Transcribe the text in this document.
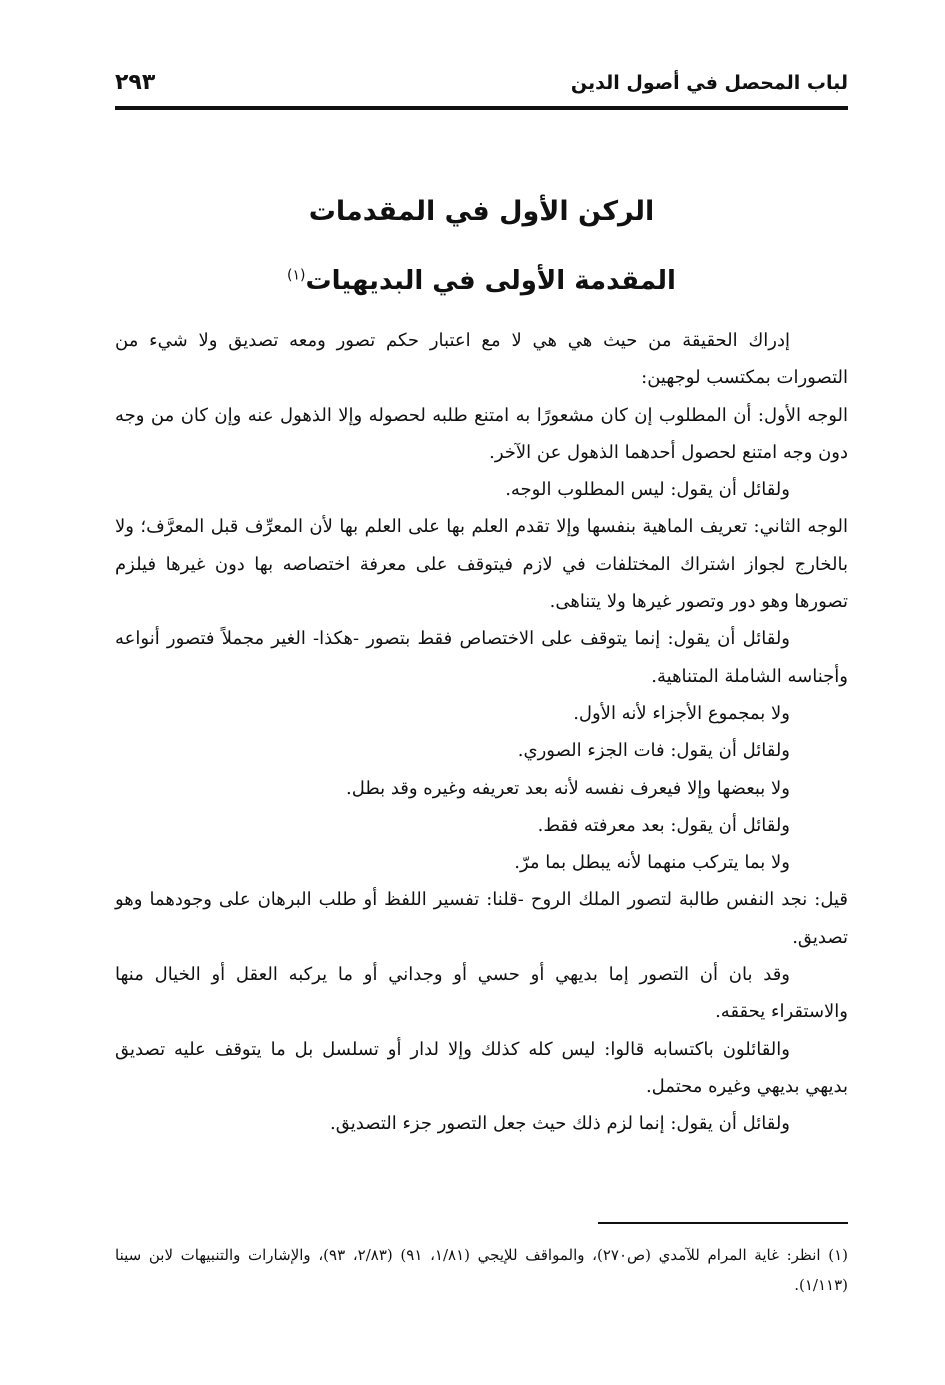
لباب المحصل في أصول الدين
٢٩٣
الركن الأول في المقدمات
المقدمة الأولى في البديهيات$^{(١)}$

إدراك الحقيقة من حيث هي هي لا مع اعتبار حكم تصور ومعه تصديق ولا شيء من التصورات بمكتسب لوجهين:

الوجه الأول: أن المطلوب إن كان مشعورًا به امتنع طلبه لحصوله وإلا الذهول عنه وإن كان من وجه دون وجه امتنع لحصول أحدهما الذهول عن الآخر.

ولقائل أن يقول: ليس المطلوب الوجه.

الوجه الثاني: تعريف الماهية بنفسها وإلا تقدم العلم بها على العلم بها لأن المعرِّف قبل المعرَّف؛ ولا بالخارج لجواز اشتراك المختلفات في لازم فيتوقف على معرفة اختصاصه بها دون غيرها فيلزم تصورها وهو دور وتصور غيرها ولا يتناهى.

ولقائل أن يقول: إنما يتوقف على الاختصاص فقط بتصور -هكذا- الغير مجملاً فتصور أنواعه وأجناسه الشاملة المتناهية.

ولا بمجموع الأجزاء لأنه الأول.

ولقائل أن يقول: فات الجزء الصوري.

ولا ببعضها وإلا فيعرف نفسه لأنه بعد تعريفه وغيره وقد بطل.

ولقائل أن يقول: بعد معرفته فقط.

ولا بما يتركب منهما لأنه يبطل بما مرّ.

قيل: نجد النفس طالبة لتصور الملك الروح -قلنا: تفسير اللفظ أو طلب البرهان على وجودهما وهو تصديق.

وقد بان أن التصور إما بديهي أو حسي أو وجداني أو ما يركبه العقل أو الخيال منها والاستقراء يحققه.

والقائلون باكتسابه قالوا: ليس كله كذلك وإلا لدار أو تسلسل بل ما يتوقف عليه تصديق بديهي بديهي وغيره محتمل.

ولقائل أن يقول: إنما لزم ذلك حيث جعل التصور جزء التصديق.

(١) انظر: غاية المرام للآمدي (ص٢٧٠)، والمواقف للإيجي (١/٨١، ٩١) (٢/٨٣، ٩٣)، والإشارات والتنبيهات لابن سينا (١/١١٣).
